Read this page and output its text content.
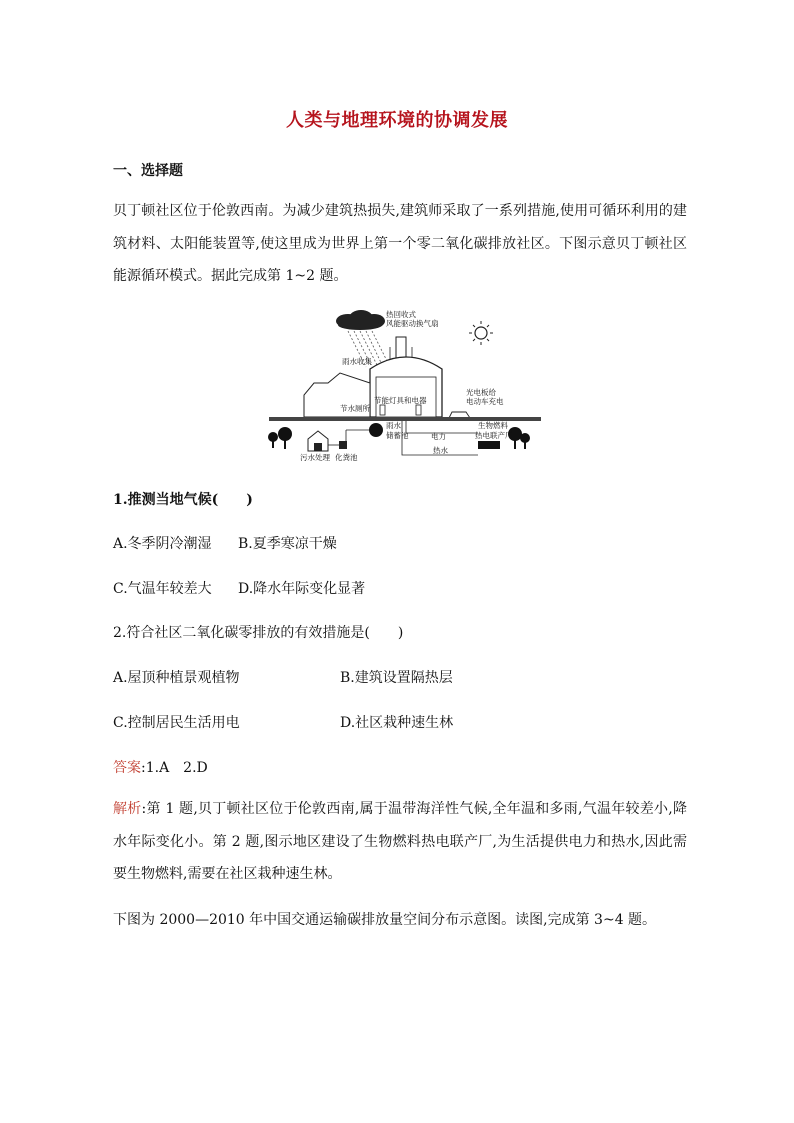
人类与地理环境的协调发展
一、选择题
贝丁顿社区位于伦敦西南。为减少建筑热损失,建筑师采取了一系列措施,使用可循环利用的建筑材料、太阳能装置等,使这里成为世界上第一个零二氧化碳排放社区。下图示意贝丁顿社区能源循环模式。据此完成第 1~2 题。
热回收式
风能驱动换气扇
雨水收集
节水厕所
节能灯具和电器
光电板给
电动车充电
污水处理 化粪池
雨水
储蓄池	电力
热水
生物燃料
热电联产厂
1.推测当地气候(　　)
A.冬季阴冷潮湿 B.夏季寒凉干燥
C.气温年较差大 D.降水年际变化显著
2.符合社区二氧化碳零排放的有效措施是(　　)
A.屋顶种植景观植物	B.建筑设置隔热层
C.控制居民生活用电	D.社区栽种速生林
答案:1.A　2.D
解析:第 1 题,贝丁顿社区位于伦敦西南,属于温带海洋性气候,全年温和多雨,气温年较差小,降水年际变化小。第 2 题,图示地区建设了生物燃料热电联产厂,为生活提供电力和热水,因此需要生物燃料,需要在社区栽种速生林。
下图为 2000—2010 年中国交通运输碳排放量空间分布示意图。读图,完成第 3~4 题。
